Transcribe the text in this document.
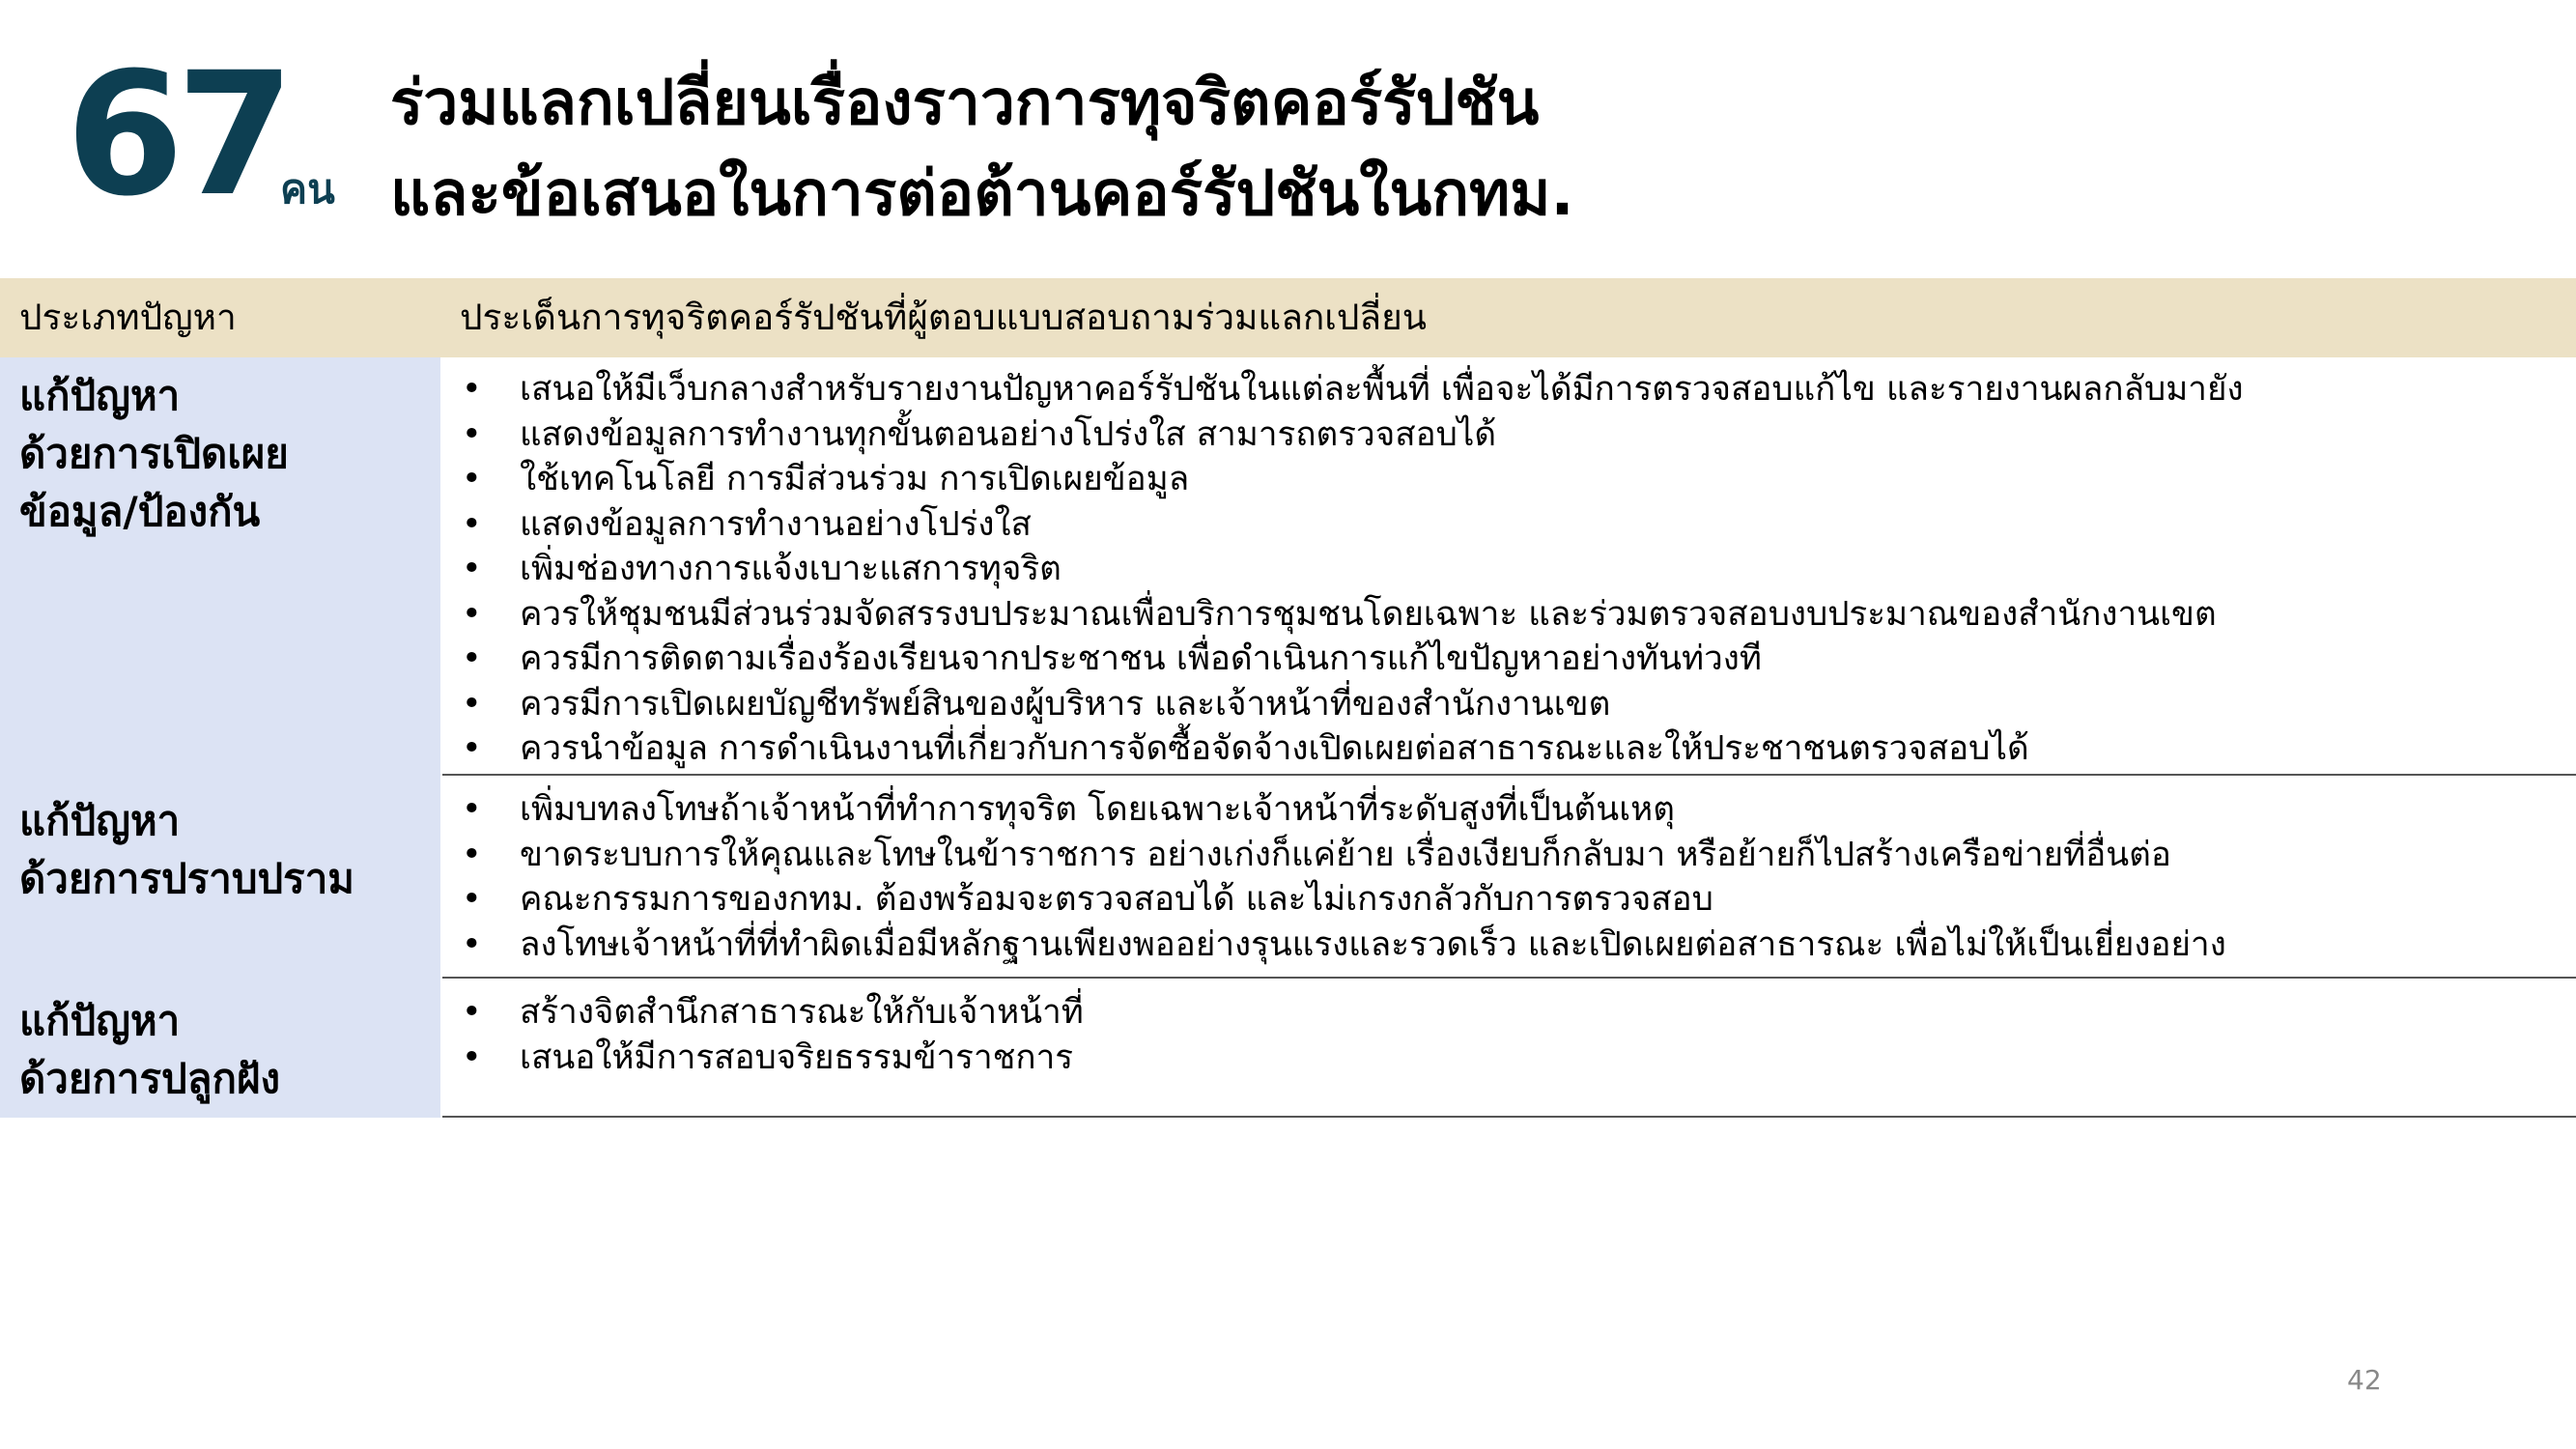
67
คน
ร่วมแลกเปลี่ยนเรื่องราวการทุจริตคอร์รัปชัน
และข้อเสนอในการต่อต้านคอร์รัปชันในกทม.
ประเภทปัญหา	ประเด็นการทุจริตคอร์รัปชันที่ผู้ตอบแบบสอบถามร่วมแลกเปลี่ยน
แก้ปัญหา
ด้วยการเปิดเผย
ข้อมูล/ป้องกัน
แก้ปัญหา
ด้วยการปราบปราม
แก้ปัญหา
ด้วยการปลูกฝัง
• เสนอให้มีเว็บกลางสำหรับรายงานปัญหาคอร์รัปชันในแต่ละพื้นที่ เพื่อจะได้มีการตรวจสอบแก้ไข และรายงานผลกลับมายัง
• แสดงข้อมูลการทำงานทุกขั้นตอนอย่างโปร่งใส สามารถตรวจสอบได้
• ใช้เทคโนโลยี การมีส่วนร่วม การเปิดเผยข้อมูล
• แสดงข้อมูลการทำงานอย่างโปร่งใส
• เพิ่มช่องทางการแจ้งเบาะแสการทุจริต
• ควรให้ชุมชนมีส่วนร่วมจัดสรรงบประมาณเพื่อบริการชุมชนโดยเฉพาะ และร่วมตรวจสอบงบประมาณของสำนักงานเขต
• ควรมีการติดตามเรื่องร้องเรียนจากประชาชน เพื่อดำเนินการแก้ไขปัญหาอย่างทันท่วงที
• ควรมีการเปิดเผยบัญชีทรัพย์สินของผู้บริหาร และเจ้าหน้าที่ของสำนักงานเขต
• ควรนำข้อมูล การดำเนินงานที่เกี่ยวกับการจัดซื้อจัดจ้างเปิดเผยต่อสาธารณะและให้ประชาชนตรวจสอบได้
• เพิ่มบทลงโทษถ้าเจ้าหน้าที่ทำการทุจริต โดยเฉพาะเจ้าหน้าที่ระดับสูงที่เป็นต้นเหตุ
• ขาดระบบการให้คุณและโทษในข้าราชการ อย่างเก่งก็แค่ย้าย เรื่องเงียบก็กลับมา หรือย้ายก็ไปสร้างเครือข่ายที่อื่นต่อ
• คณะกรรมการของกทม. ต้องพร้อมจะตรวจสอบได้ และไม่เกรงกลัวกับการตรวจสอบ
• ลงโทษเจ้าหน้าที่ที่ทำผิดเมื่อมีหลักฐานเพียงพออย่างรุนแรงและรวดเร็ว และเปิดเผยต่อสาธารณะ เพื่อไม่ให้เป็นเยี่ยงอย่าง
• สร้างจิตสำนึกสาธารณะให้กับเจ้าหน้าที่
• เสนอให้มีการสอบจริยธรรมข้าราชการ
42
